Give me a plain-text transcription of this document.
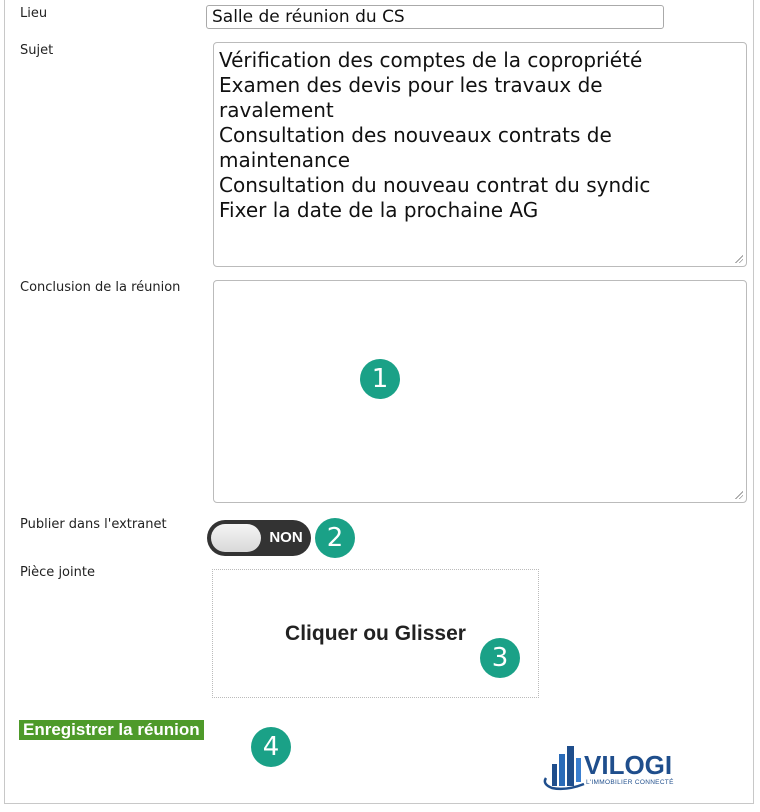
Lieu
Salle de réunion du CS
Sujet	Vérification des comptes de la copropriété
Examen des devis pour les travaux de
ravalement
Consultation des nouveaux contrats de
maintenance
Consultation du nouveau contrat du syndic
Fixer la date de la prochaine AG
Conclusion de la réunion
1
Publier dans l'extranet
NON 2
Pièce jointe
Cliquer ou Glisser
3
Enregistrer la réunion
4
VILOGI
L'IMMOBILIER CONNECTÉ
